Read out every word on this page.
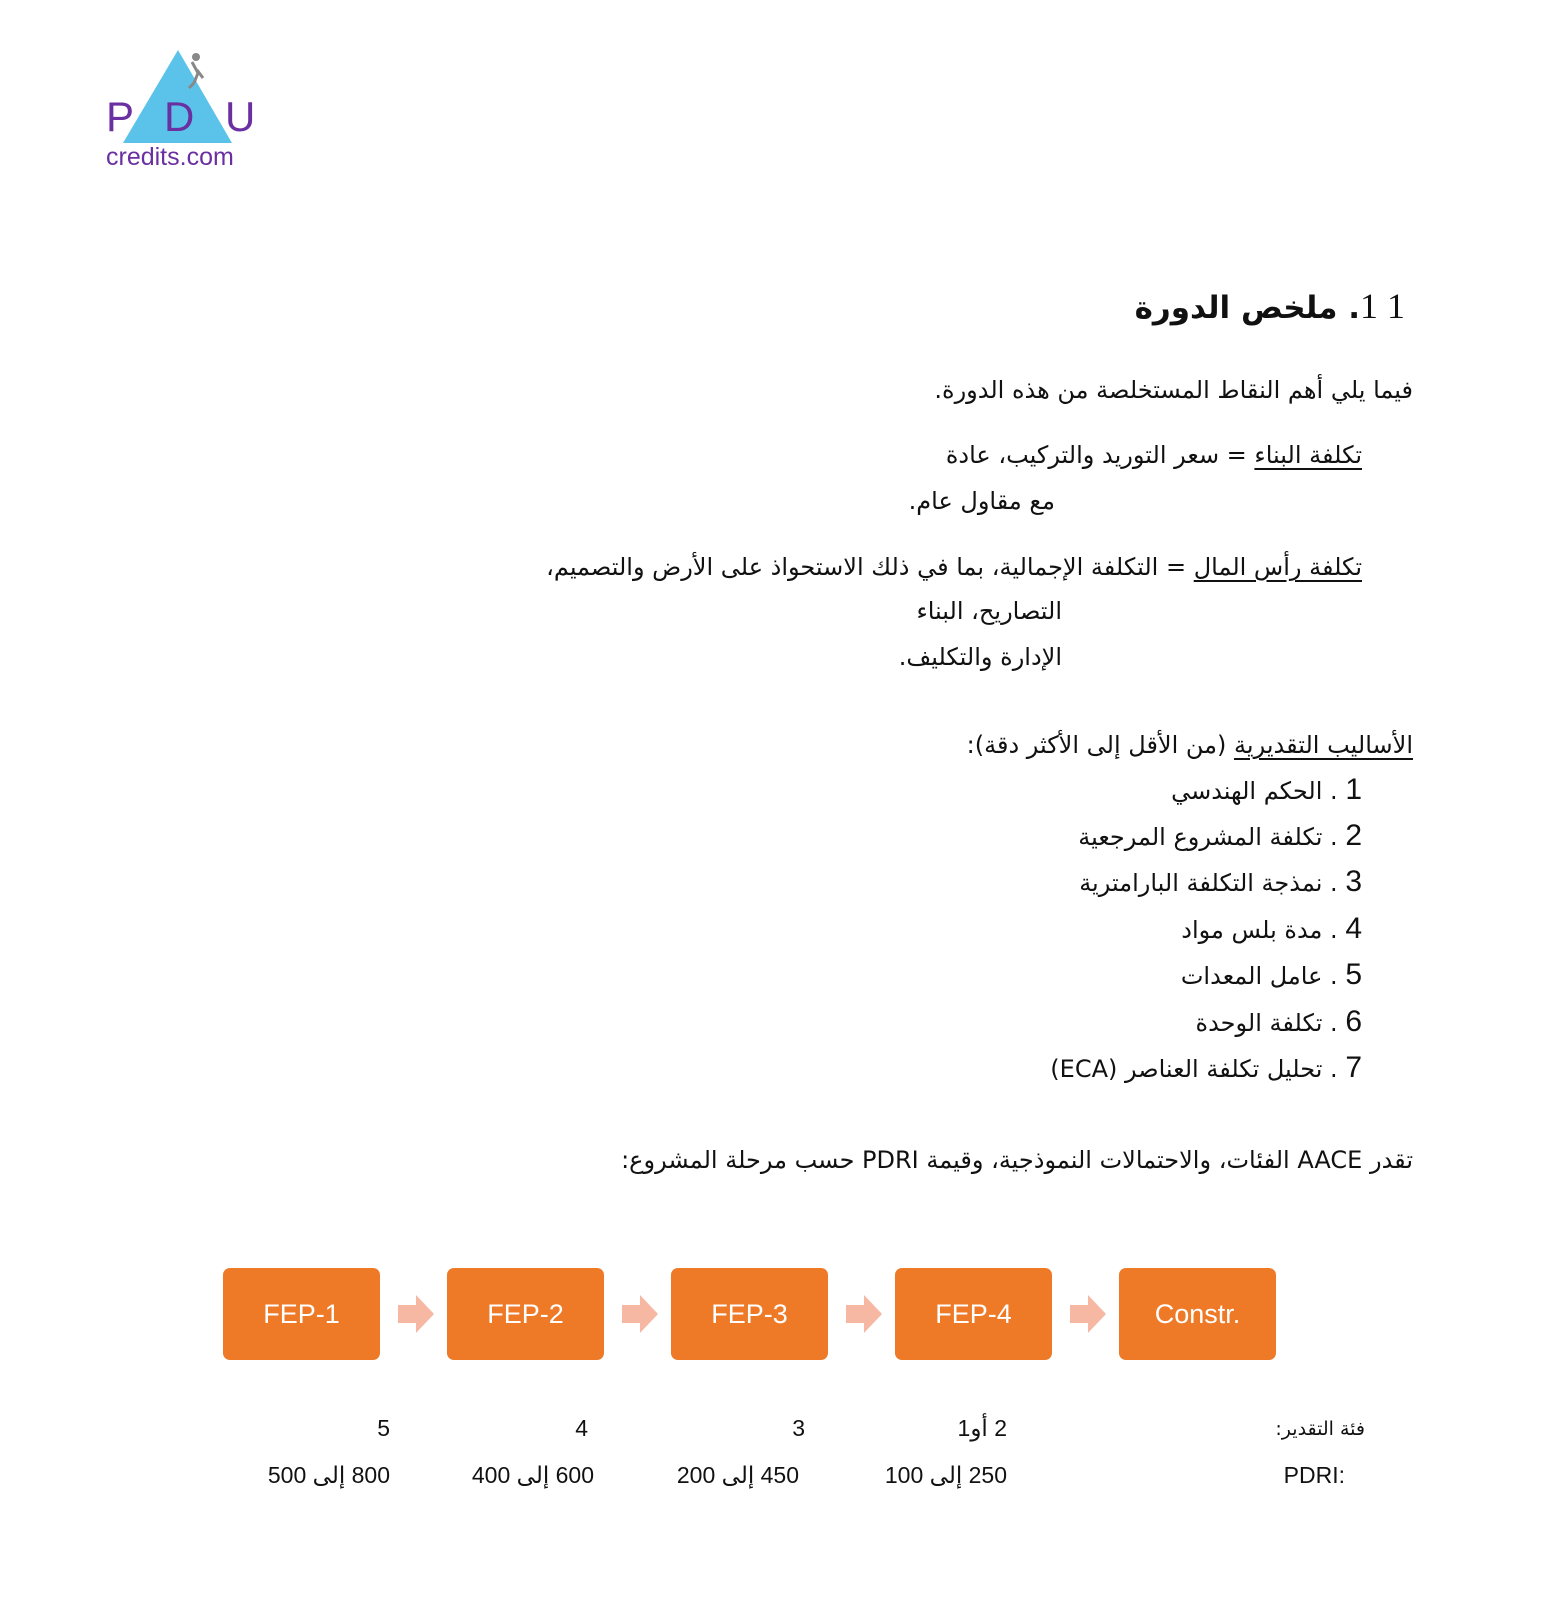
P D U
credits.com
1 1. ملخص الدورة
فيما يلي أهم النقاط المستخلصة من هذه الدورة.
تكلفة البناء = سعر التوريد والتركيب، عادة
مع مقاول عام.
تكلفة رأس المال = التكلفة الإجمالية، بما في ذلك الاستحواذ على الأرض والتصميم،
التصاريح، البناء
الإدارة والتكليف.
الأساليب التقديرية (من الأقل إلى الأكثر دقة):
1 . الحكم الهندسي
2 . تكلفة المشروع المرجعية
3 . نمذجة التكلفة البارامترية
4 . مدة بلس مواد
5 . عامل المعدات
6 . تكلفة الوحدة
7 . تحليل تكلفة العناصر (ECA)
تقدر AACE الفئات، والاحتمالات النموذجية، وقيمة PDRI حسب مرحلة المشروع:
FEP-1	FEP-2	FEP-3	FEP-4	Constr.
فئة التقدير:
5	4	3	2 أو1
:PDRI
800 إلى 500	600 إلى 400	450 إلى 200	250 إلى 100
